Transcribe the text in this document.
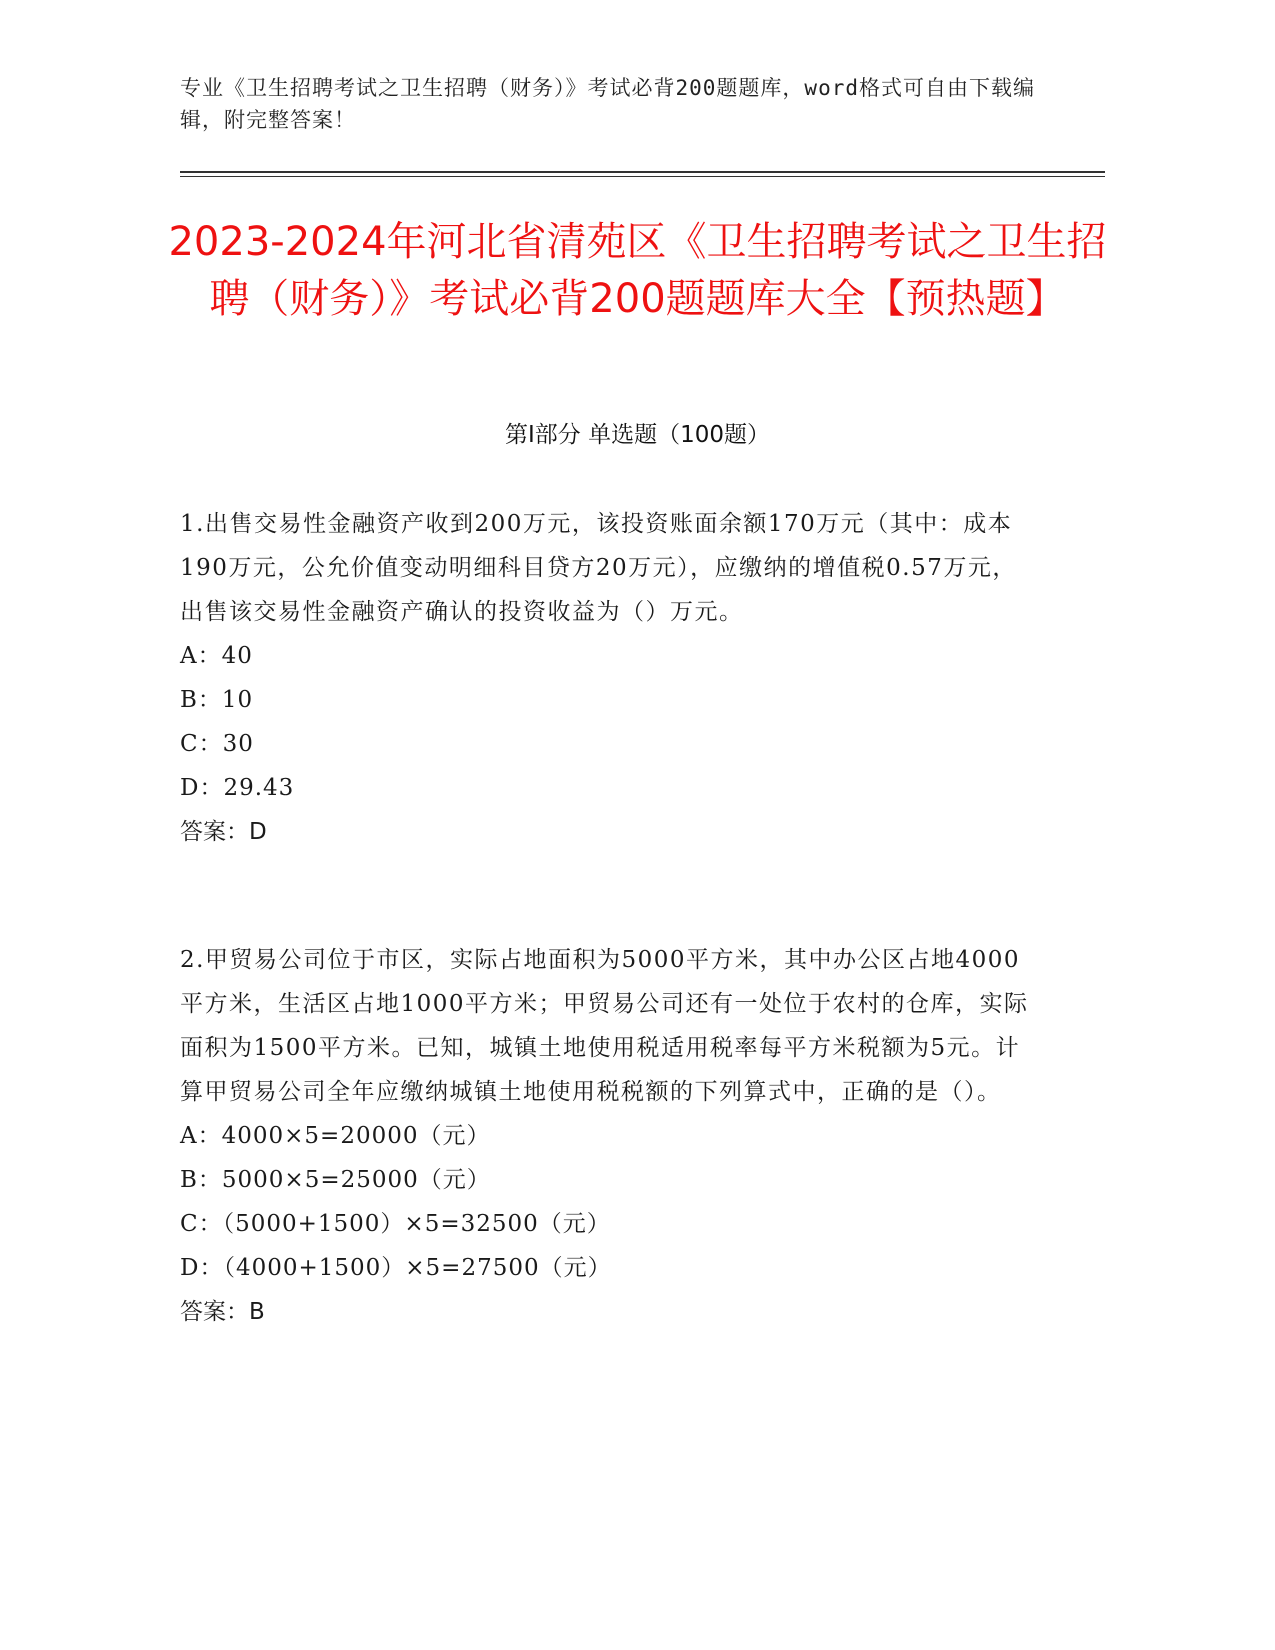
专业《卫生招聘考试之卫生招聘（财务）》考试必背200题题库，word格式可自由下载编辑，附完整答案！
2023-2024年河北省清苑区《卫生招聘考试之卫生招聘（财务）》考试必背200题题库大全【预热题】
第I部分 单选题（100题）

1.出售交易性金融资产收到200万元，该投资账面余额170万元（其中：成本190万元，公允价值变动明细科目贷方20万元），应缴纳的增值税0.57万元，出售该交易性金融资产确认的投资收益为（）万元。

A：40

B：10

C：30

D：29.43

答案：D

2.甲贸易公司位于市区，实际占地面积为5000平方米，其中办公区占地4000平方米，生活区占地1000平方米；甲贸易公司还有一处位于农村的仓库，实际面积为1500平方米。已知，城镇土地使用税适用税率每平方米税额为5元。计算甲贸易公司全年应缴纳城镇土地使用税税额的下列算式中，正确的是（）。

A：4000×5=20000（元）

B：5000×5=25000（元）

C：（5000+1500）×5=32500（元）

D：（4000+1500）×5=27500（元）

答案：B
